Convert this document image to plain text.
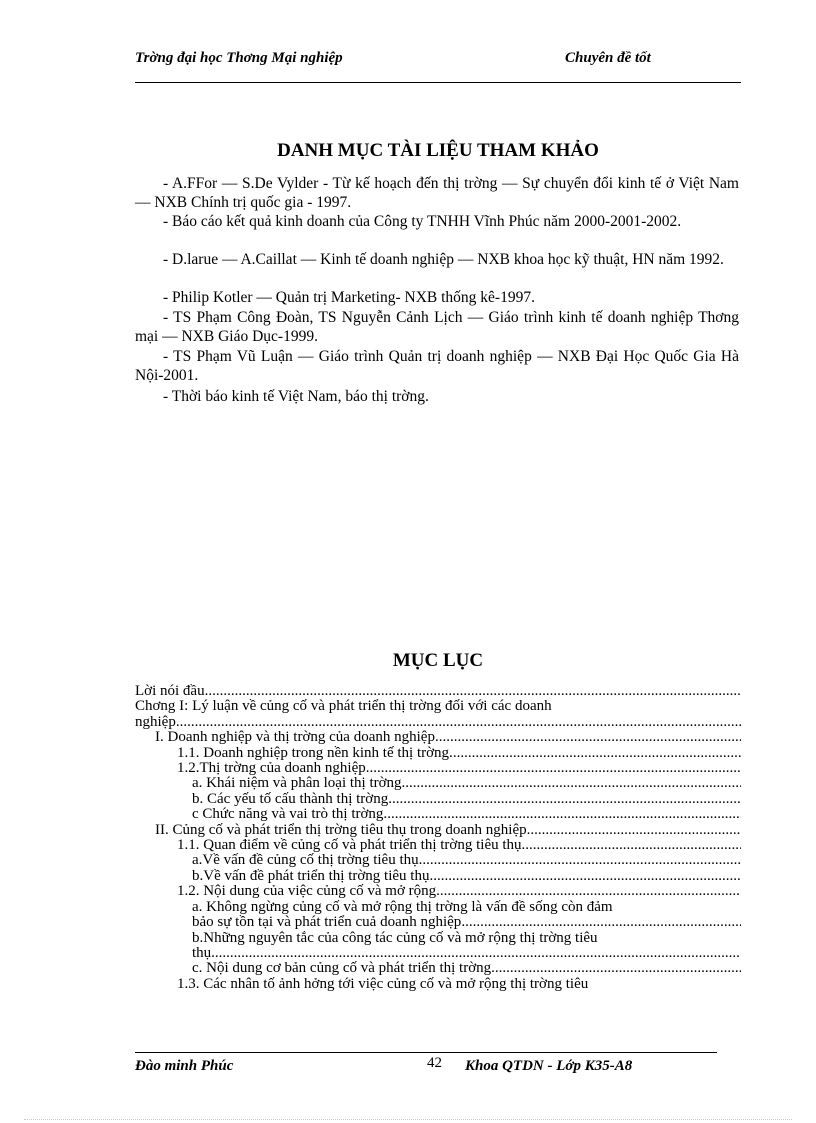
Trờng đại học Thơng Mại nghiệp	Chuyên đề tốt
DANH MỤC TÀI LIỆU THAM KHẢO
- A.FFor — S.De Vylder - Từ kế hoạch đến thị trờng — Sự chuyển đổi kinh tế ở Việt Nam — NXB Chính trị quốc gia - 1997.
- Báo cáo kết quả kinh doanh của Công ty TNHH Vĩnh Phúc năm 2000-2001-2002.
- D.larue — A.Caillat — Kinh tế doanh nghiệp — NXB khoa học kỹ thuật, HN năm 1992.
- Philip Kotler — Quản trị Marketing- NXB thống kê-1997.
- TS Phạm Công Đoàn, TS Nguyễn Cảnh Lịch — Giáo trình kinh tế doanh nghiệp Thơng mại — NXB Giáo Dục-1999.
- TS Phạm Vũ Luận — Giáo trình Quản trị doanh nghiệp — NXB Đại Học Quốc Gia Hà Nội-2001.
- Thời báo kinh tế Việt Nam, báo thị trờng.
MỤC LỤC
Lời nói đầu
.....
Chơng I: Lý luận về củng cố và phát triển thị trờng đối với các doanh
nghiệp
.....
I. Doanh nghiệp và thị trờng của doanh nghiệp.
.....
1.1. Doanh nghiệp trong nền kinh tế thị trờng.
.....
1.2.Thị trờng của doanh nghiệp
.....
a. Khái niệm và phân loại thị trờng.
.....
b. Các yếu tố cấu thành thị trờng
.....
c Chức năng và vai trò thị trờng.
.....
II. Củng cố và phát triển thị trờng tiêu thụ trong doanh nghiệp.
.....
1.1. Quan điểm về củng cố và phát triển thị trờng tiêu thụ.
.....
a.Về vấn đề củng cố thị trờng tiêu thụ.
.....
b.Về vấn đề phát triển thị trờng tiêu thụ.
.....
1.2. Nội dung của việc củng cố và mở rộng.
.....
a. Không ngừng củng cố và mở rộng thị trờng là vấn đề sống còn đảm
bảo sự tồn tại và phát triển cuả doanh nghiệp
.....
b.Những nguyên tắc của công tác củng cố và mở rộng thị trờng tiêu
thụ.
.....
c. Nội dung cơ bản củng cố và phát triển thị trờng.
.....
1.3. Các nhân tố ảnh hởng tới việc củng cố và mở rộng thị trờng tiêu
Đào minh Phúc	42 Khoa QTDN - Lớp K35-A8
